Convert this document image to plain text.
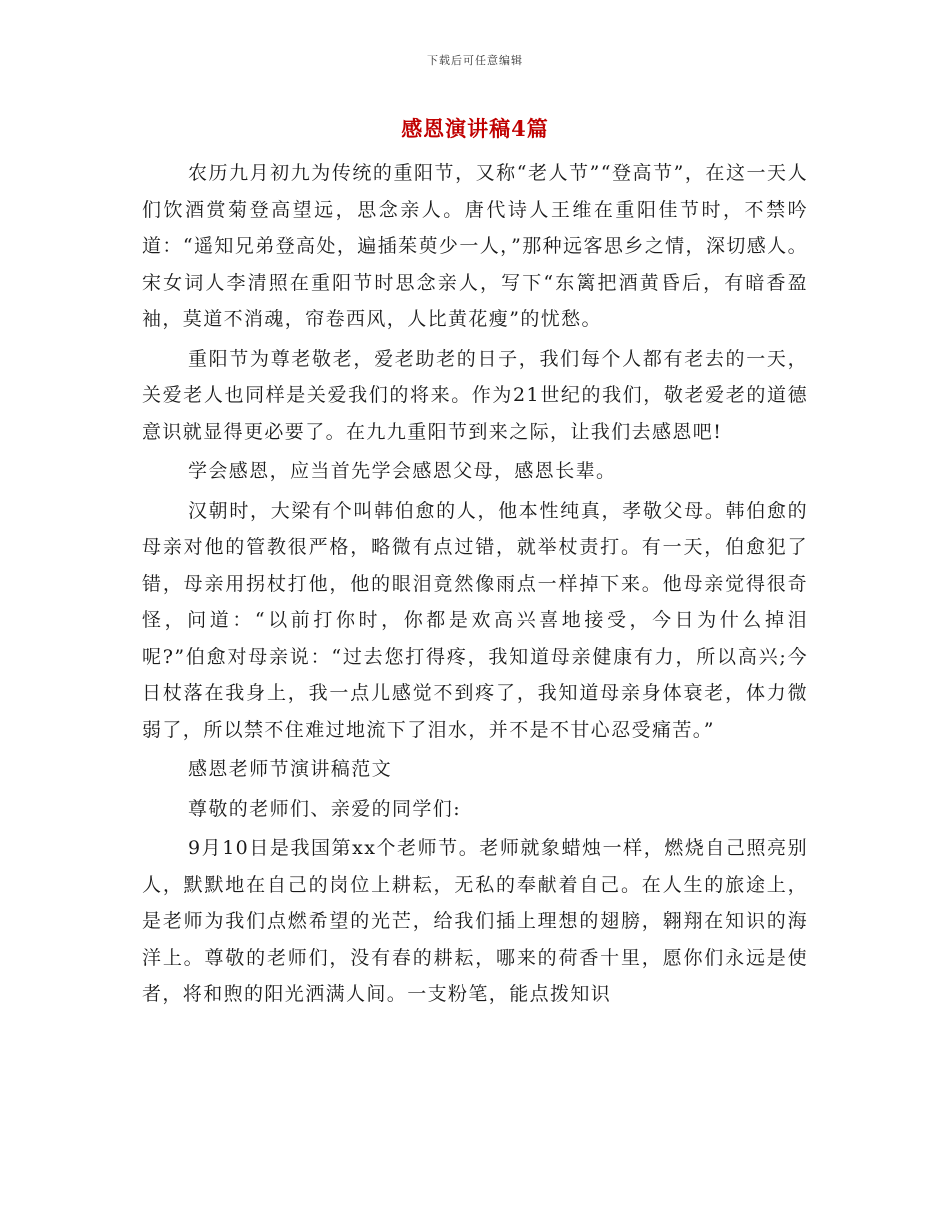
下载后可任意编辑
感恩演讲稿4篇

农历九月初九为传统的重阳节，又称“老人节”“登高节”，在这一天人们饮酒赏菊登高望远，思念亲人。唐代诗人王维在重阳佳节时，不禁吟道：“遥知兄弟登高处，遍插茱萸少一人，”那种远客思乡之情，深切感人。宋女词人李清照在重阳节时思念亲人，写下“东篱把酒黄昏后，有暗香盈袖，莫道不消魂，帘卷西风，人比黄花瘦”的忧愁。

重阳节为尊老敬老，爱老助老的日子，我们每个人都有老去的一天，关爱老人也同样是关爱我们的将来。作为21世纪的我们，敬老爱老的道德意识就显得更必要了。在九九重阳节到来之际，让我们去感恩吧!

学会感恩，应当首先学会感恩父母，感恩长辈。

汉朝时，大梁有个叫韩伯愈的人，他本性纯真，孝敬父母。韩伯愈的母亲对他的管教很严格，略微有点过错，就举杖责打。有一天，伯愈犯了错，母亲用拐杖打他，他的眼泪竟然像雨点一样掉下来。他母亲觉得很奇怪，问道：“以前打你时，你都是欢高兴喜地接受，今日为什么掉泪呢?”伯愈对母亲说：“过去您打得疼，我知道母亲健康有力，所以高兴;今日杖落在我身上，我一点儿感觉不到疼了，我知道母亲身体衰老，体力微弱了，所以禁不住难过地流下了泪水，并不是不甘心忍受痛苦。”

感恩老师节演讲稿范文

尊敬的老师们、亲爱的同学们:

9月10日是我国第xx个老师节。老师就象蜡烛一样，燃烧自己照亮别人，默默地在自己的岗位上耕耘，无私的奉献着自己。在人生的旅途上，是老师为我们点燃希望的光芒，给我们插上理想的翅膀，翱翔在知识的海洋上。尊敬的老师们，没有春的耕耘，哪来的荷香十里，愿你们永远是使者，将和煦的阳光洒满人间。一支粉笔，能点拨知识
